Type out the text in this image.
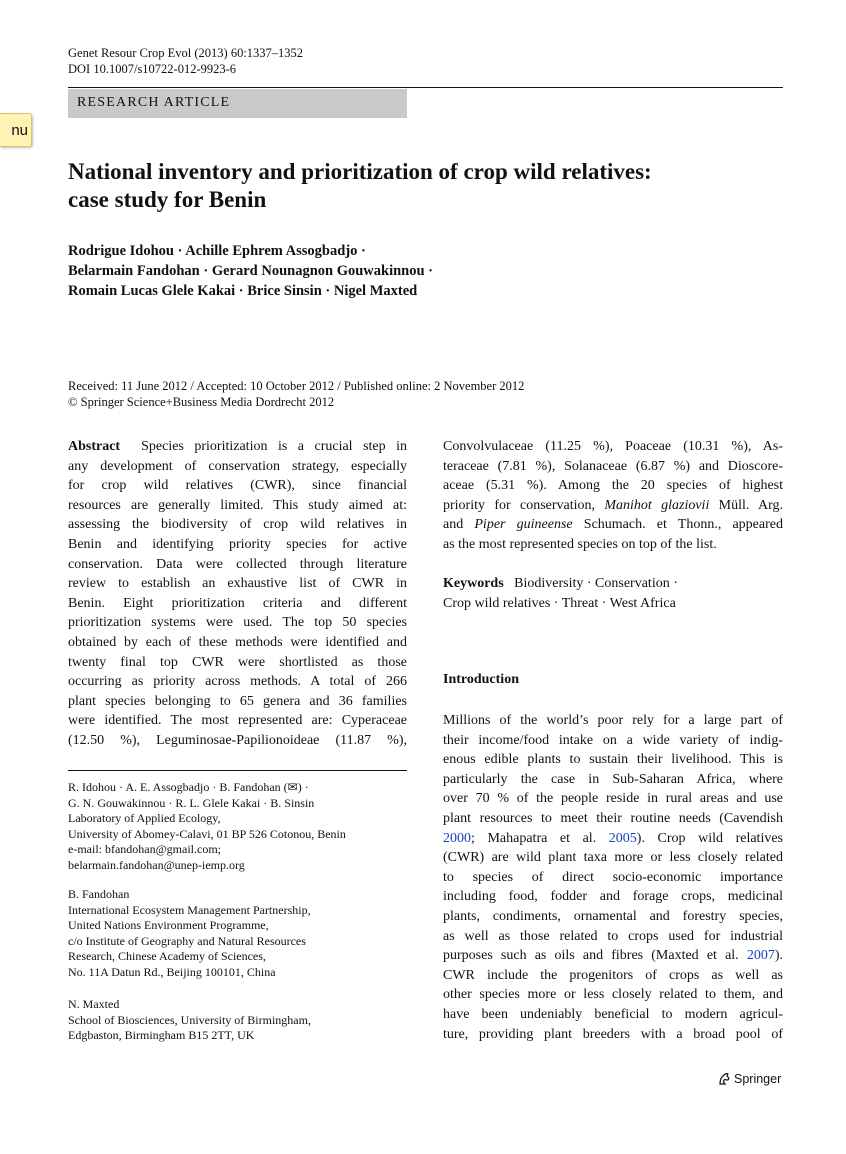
Genet Resour Crop Evol (2013) 60:1337–1352
DOI 10.1007/s10722-012-9923-6
RESEARCH ARTICLE
nu
National inventory and prioritization of crop wild relatives:
case study for Benin
Rodrigue Idohou · Achille Ephrem Assogbadjo ·
Belarmain Fandohan · Gerard Nounagnon Gouwakinnou ·
Romain Lucas Glele Kakai · Brice Sinsin · Nigel Maxted
Received: 11 June 2012 / Accepted: 10 October 2012 / Published online: 2 November 2012
© Springer Science+Business Media Dordrecht 2012
Abstract Species prioritization is a crucial step in
any development of conservation strategy, especially
for crop wild relatives (CWR), since financial
resources are generally limited. This study aimed at:
assessing the biodiversity of crop wild relatives in
Benin and identifying priority species for active
conservation. Data were collected through literature
review to establish an exhaustive list of CWR in
Benin. Eight prioritization criteria and different
prioritization systems were used. The top 50 species
obtained by each of these methods were identified and
twenty final top CWR were shortlisted as those
occurring as priority across methods. A total of 266
plant species belonging to 65 genera and 36 families
were identified. The most represented are: Cyperaceae
(12.50 %), Leguminosae-Papilionoideae (11.87 %),
R. Idohou · A. E. Assogbadjo · B. Fandohan (✉) ·
G. N. Gouwakinnou · R. L. Glele Kakai · B. Sinsin
Laboratory of Applied Ecology,
University of Abomey-Calavi, 01 BP 526 Cotonou, Benin
e-mail: bfandohan@gmail.com;
belarmain.fandohan@unep-iemp.org
B. Fandohan
International Ecosystem Management Partnership,
United Nations Environment Programme,
c/o Institute of Geography and Natural Resources
Research, Chinese Academy of Sciences,
No. 11A Datun Rd., Beijing 100101, China
N. Maxted
School of Biosciences, University of Birmingham,
Edgbaston, Birmingham B15 2TT, UK
Convolvulaceae (11.25 %), Poaceae (10.31 %), As-
teraceae (7.81 %), Solanaceae (6.87 %) and Dioscore-
aceae (5.31 %). Among the 20 species of highest
priority for conservation, Manihot glaziovii Müll. Arg.
and Piper guineense Schumach. et Thonn., appeared
as the most represented species on top of the list.
Keywords Biodiversity · Conservation ·
Crop wild relatives · Threat · West Africa
Introduction
Millions of the world’s poor rely for a large part of
their income/food intake on a wide variety of indig-
enous edible plants to sustain their livelihood. This is
particularly the case in Sub-Saharan Africa, where
over 70 % of the people reside in rural areas and use
plant resources to meet their routine needs (Cavendish
2000; Mahapatra et al. 2005). Crop wild relatives
(CWR) are wild plant taxa more or less closely related
to species of direct socio-economic importance
including food, fodder and forage crops, medicinal
plants, condiments, ornamental and forestry species,
as well as those related to crops used for industrial
purposes such as oils and fibres (Maxted et al. 2007).
CWR include the progenitors of crops as well as
other species more or less closely related to them, and
have been undeniably beneficial to modern agricul-
ture, providing plant breeders with a broad pool of
Springer
